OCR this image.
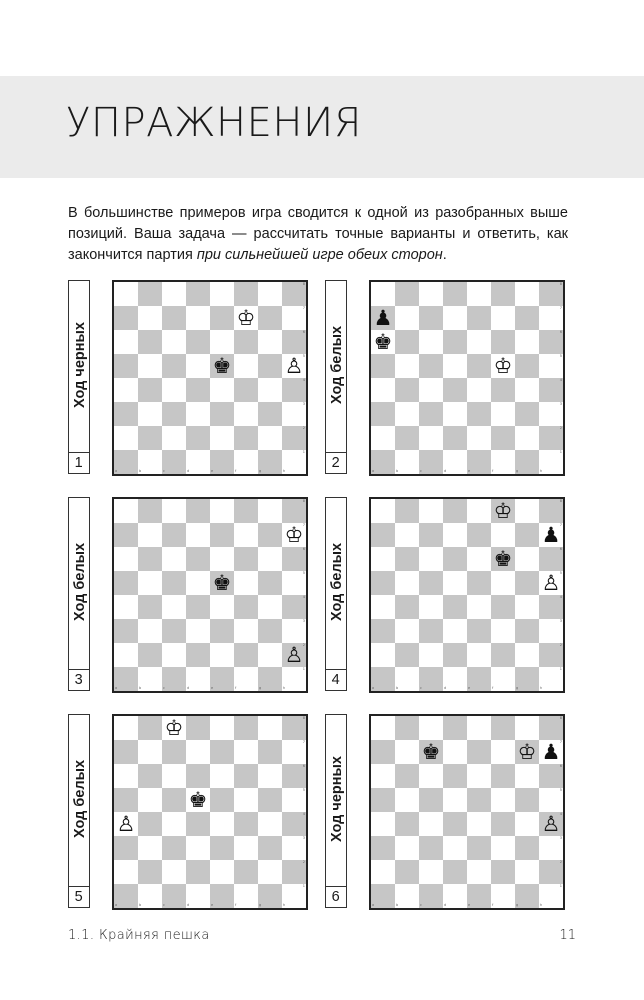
УПРАЖНЕНИЯ

В большинстве примеров игра сводится к одной из разобранных выше позиций. Ваша задача — рассчитать точные варианты и ответить, как закончится партия при сильнейшей игре обеих сторон.

Ход черных
1
8
♔	7
6
♚	5
♙
4
3
2
a	b	c	d	e	f	g
1
h
Ход белых
2
8
♟	7
♚	6
♔	5
4
3
2
a	b	c	d	e	f	g
1
h
Ход белых
3
8
7
♔
6
♚	5
4
3
2
♙
a	b	c	d	e	f	g
1
h
Ход белых
4
♔	8
7
♟
♚	6
5
♙
4
3
2
a	b	c	d	e	f	g
1
h
Ход белых
5
♔	8
7
6
♚	5
♙	4
3
2
a	b	c	d	e	f	g
1
h
Ход черных
6
8
♚	♔	7
♟
6
5
4
♙
3
2
a	b	c	d	e	f	g
1
h
1.1. Крайняя пешка	11
